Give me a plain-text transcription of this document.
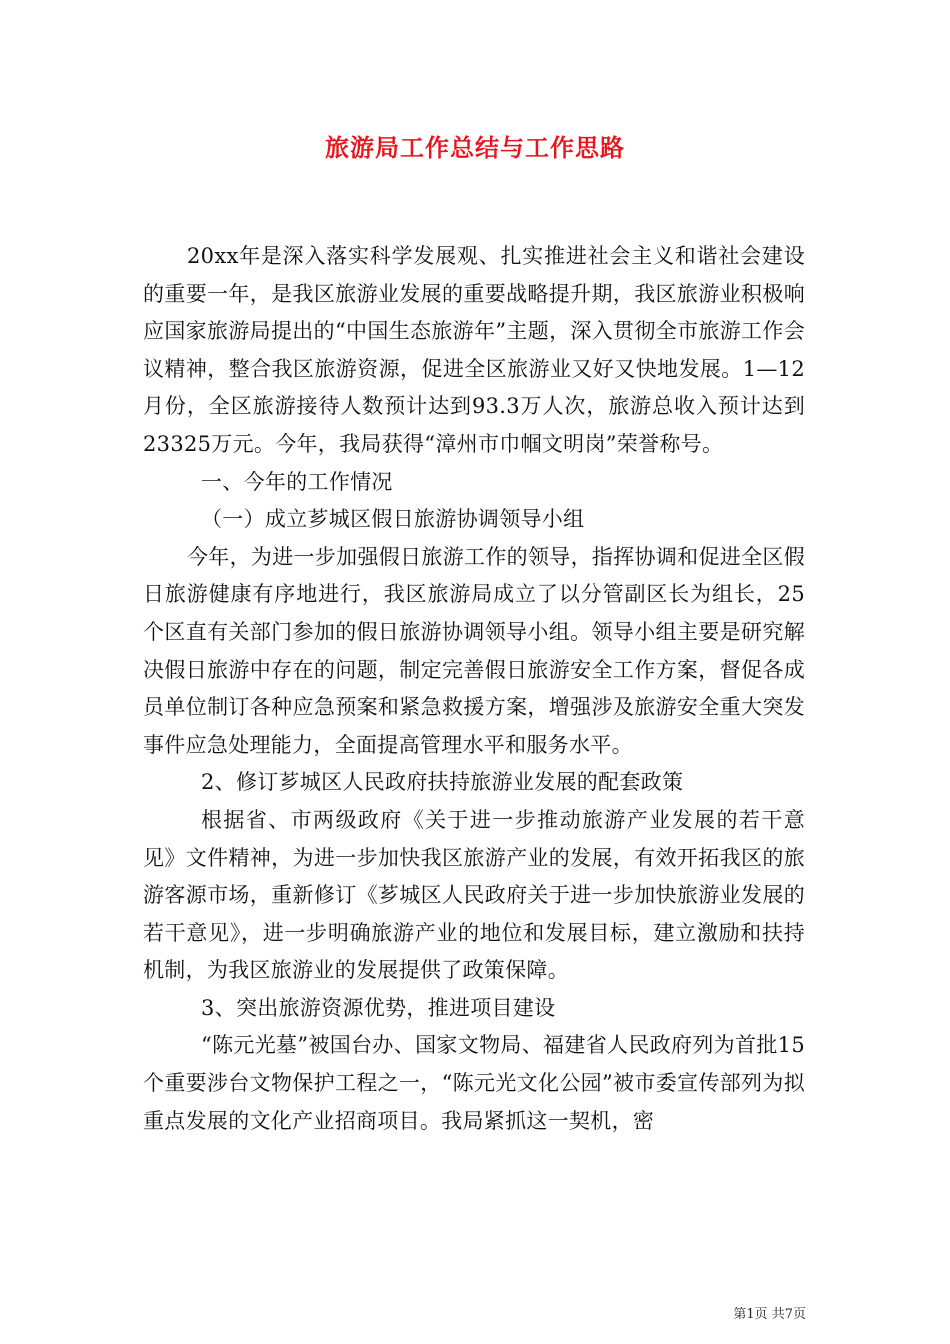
旅游局工作总结与工作思路

20xx年是深入落实科学发展观、扎实推进社会主义和谐社会建设的重要一年，是我区旅游业发展的重要战略提升期，我区旅游业积极响应国家旅游局提出的“中国生态旅游年”主题，深入贯彻全市旅游工作会议精神，整合我区旅游资源，促进全区旅游业又好又快地发展。1—12月份，全区旅游接待人数预计达到93.3万人次，旅游总收入预计达到23325万元。今年，我局获得“漳州市巾帼文明岗”荣誉称号。

一、今年的工作情况

（一）成立芗城区假日旅游协调领导小组

今年，为进一步加强假日旅游工作的领导，指挥协调和促进全区假日旅游健康有序地进行，我区旅游局成立了以分管副区长为组长，25个区直有关部门参加的假日旅游协调领导小组。领导小组主要是研究解决假日旅游中存在的问题，制定完善假日旅游安全工作方案，督促各成员单位制订各种应急预案和紧急救援方案，增强涉及旅游安全重大突发事件应急处理能力，全面提高管理水平和服务水平。

2、修订芗城区人民政府扶持旅游业发展的配套政策

根据省、市两级政府《关于进一步推动旅游产业发展的若干意见》文件精神，为进一步加快我区旅游产业的发展，有效开拓我区的旅游客源市场，重新修订《芗城区人民政府关于进一步加快旅游业发展的若干意见》，进一步明确旅游产业的地位和发展目标，建立激励和扶持机制，为我区旅游业的发展提供了政策保障。

3、突出旅游资源优势，推进项目建设

“陈元光墓”被国台办、国家文物局、福建省人民政府列为首批15个重要涉台文物保护工程之一，“陈元光文化公园”被市委宣传部列为拟重点发展的文化产业招商项目。我局紧抓这一契机，密

第1页 共7页
